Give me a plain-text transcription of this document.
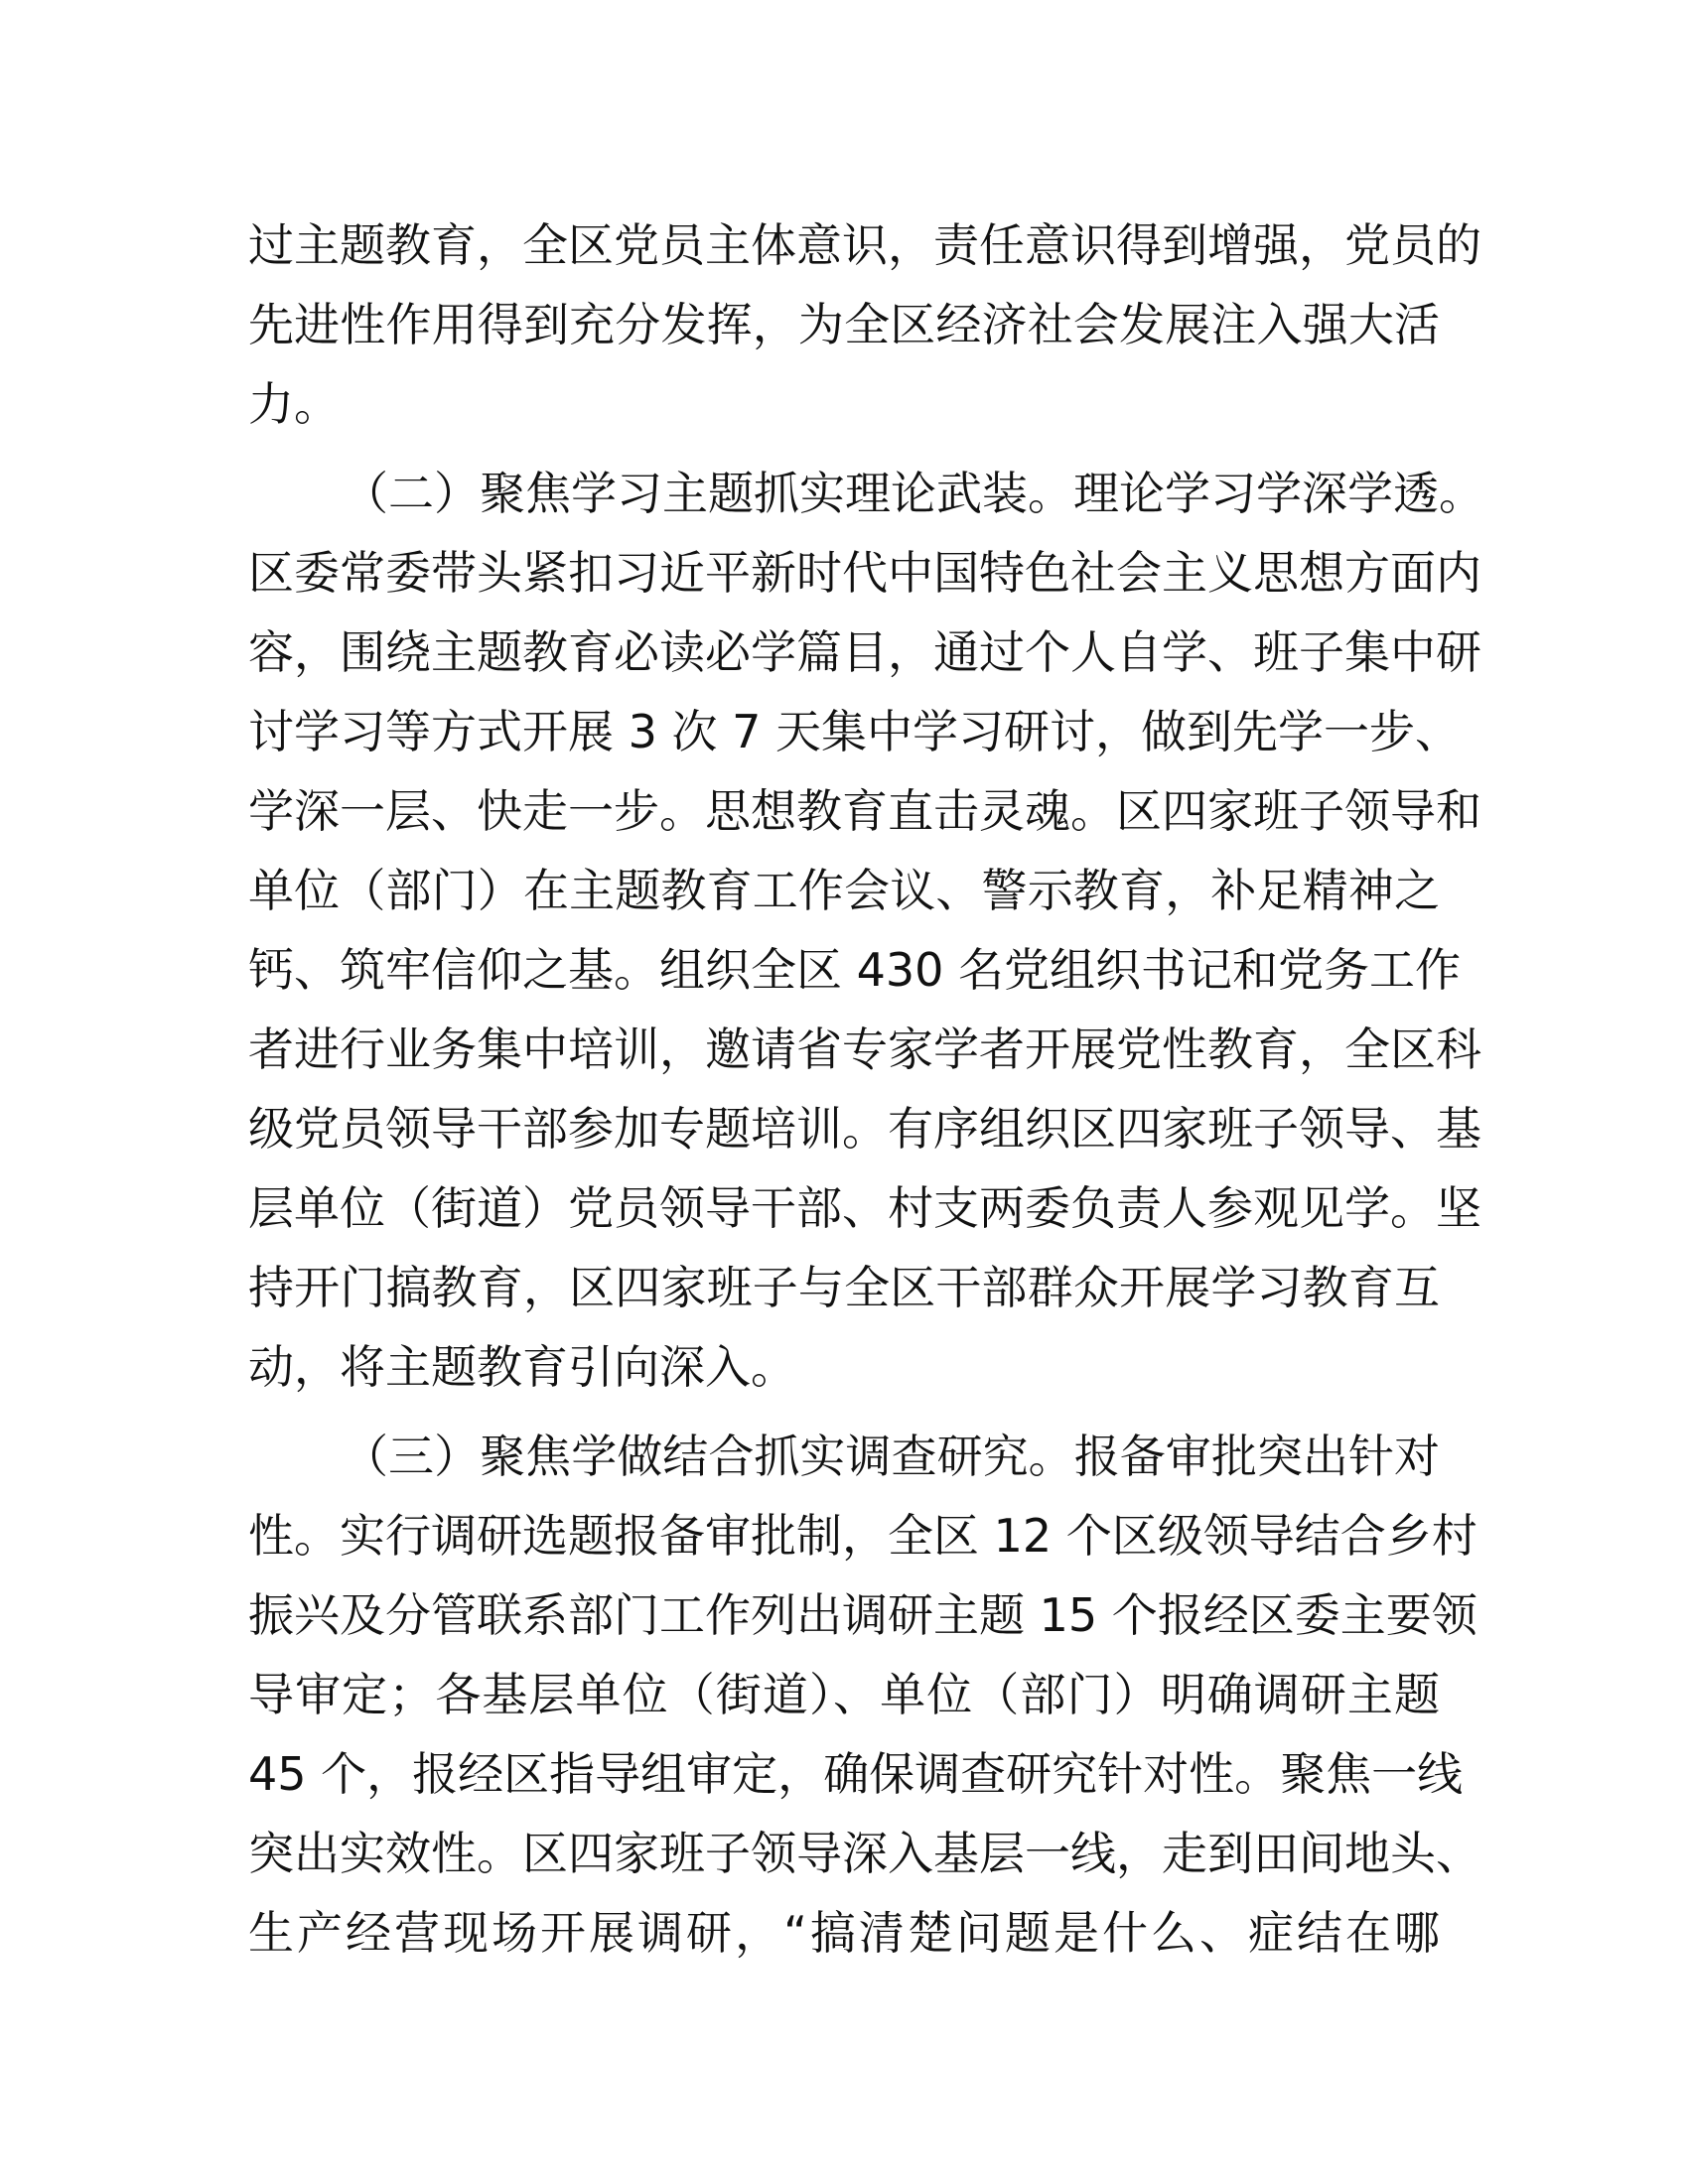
过主题教育，全区党员主体意识，责任意识得到增强，党员的
先进性作用得到充分发挥，为全区经济社会发展注入强大活
力。
（二）聚焦学习主题抓实理论武装。理论学习学深学透。
区委常委带头紧扣习近平新时代中国特色社会主义思想方面内
容，围绕主题教育必读必学篇目，通过个人自学、班子集中研
讨学习等方式开展 3 次 7 天集中学习研讨，做到先学一步、
学深一层、快走一步。思想教育直击灵魂。区四家班子领导和
单位（部门）在主题教育工作会议、警示教育，补足精神之
钙、筑牢信仰之基。组织全区 430 名党组织书记和党务工作
者进行业务集中培训，邀请省专家学者开展党性教育，全区科
级党员领导干部参加专题培训。有序组织区四家班子领导、基
层单位（街道）党员领导干部、村支两委负责人参观见学。坚
持开门搞教育，区四家班子与全区干部群众开展学习教育互
动，将主题教育引向深入。
（三）聚焦学做结合抓实调查研究。报备审批突出针对
性。实行调研选题报备审批制，全区 12 个区级领导结合乡村
振兴及分管联系部门工作列出调研主题 15 个报经区委主要领
导审定；各基层单位（街道）、单位（部门）明确调研主题
45 个，报经区指导组审定，确保调查研究针对性。聚焦一线
突出实效性。区四家班子领导深入基层一线，走到田间地头、
生产经营现场开展调研，“搞清楚问题是什么、症结在哪
